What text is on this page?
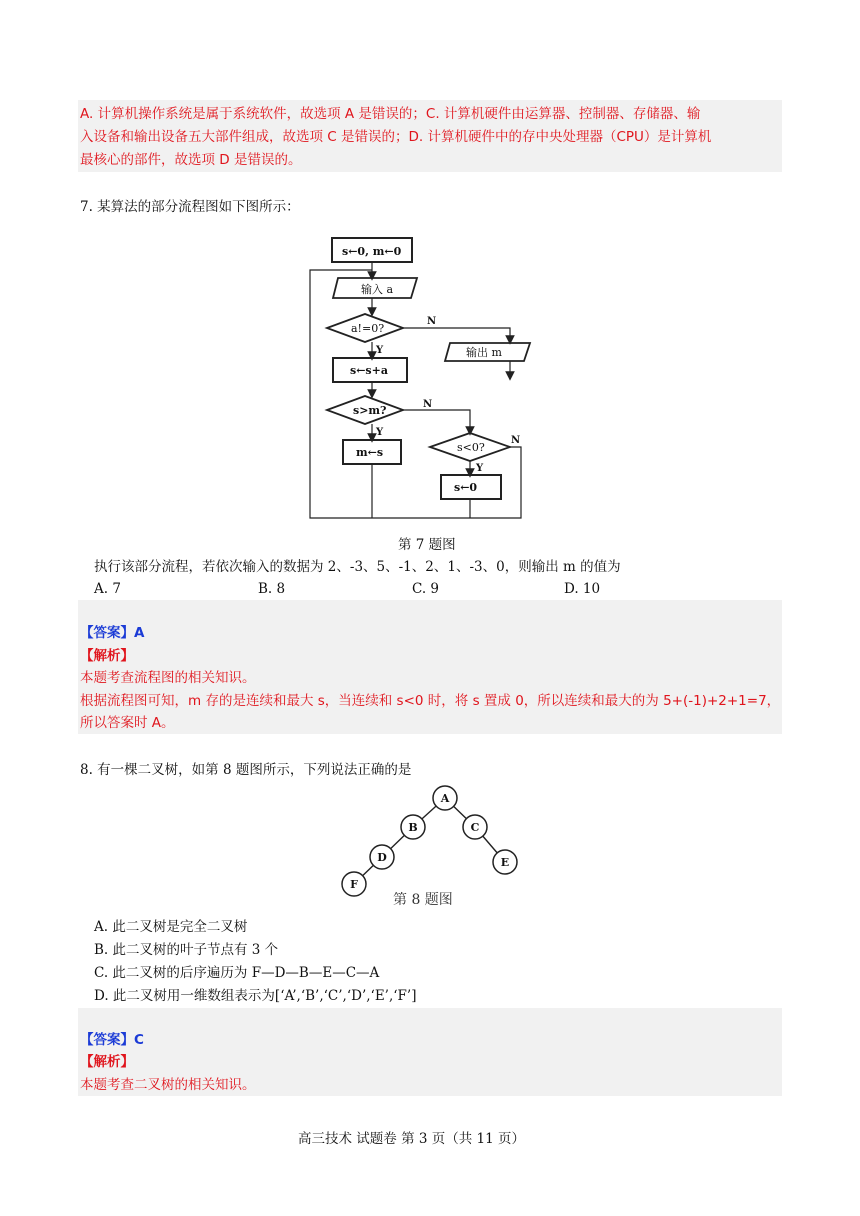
A. 计算机操作系统是属于系统软件，故选项 A 是错误的；C. 计算机硬件由运算器、控制器、存储器、输
入设备和输出设备五大部件组成，故选项 C 是错误的；D. 计算机硬件中的存中央处理器（CPU）是计算机
最核心的部件，故选项 D 是错误的。
7. 某算法的部分流程图如下图所示：
s←0, m←0
输入 a
a!=0?
输出 m
s←s+a
s>m?
m←s	s<0?
s←0
Y
N
Y
N
Y
N
第 7 题图
执行该部分流程，若依次输入的数据为 2、-3、5、-1、2、1、-3、0，则输出 m 的值为
A. 7	B. 8	C. 9	D. 10
【答案】A
【解析】
本题考查流程图的相关知识。
根据流程图可知，m 存的是连续和最大 s，当连续和 s<0 时，将 s 置成 0，所以连续和最大的为 5+(-1)+2+1=7，
所以答案时 A。
8. 有一棵二叉树，如第 8 题图所示，下列说法正确的是
A
B	C
D	E
F
第 8 题图
A. 此二叉树是完全二叉树
B. 此二叉树的叶子节点有 3 个
C. 此二叉树的后序遍历为 F—D—B—E—C—A
D. 此二叉树用一维数组表示为[‘A’,‘B’,‘C’,‘D’,‘E’,‘F’]
【答案】C
【解析】
本题考查二叉树的相关知识。
高三技术 试题卷 第 3 页（共 11 页）
